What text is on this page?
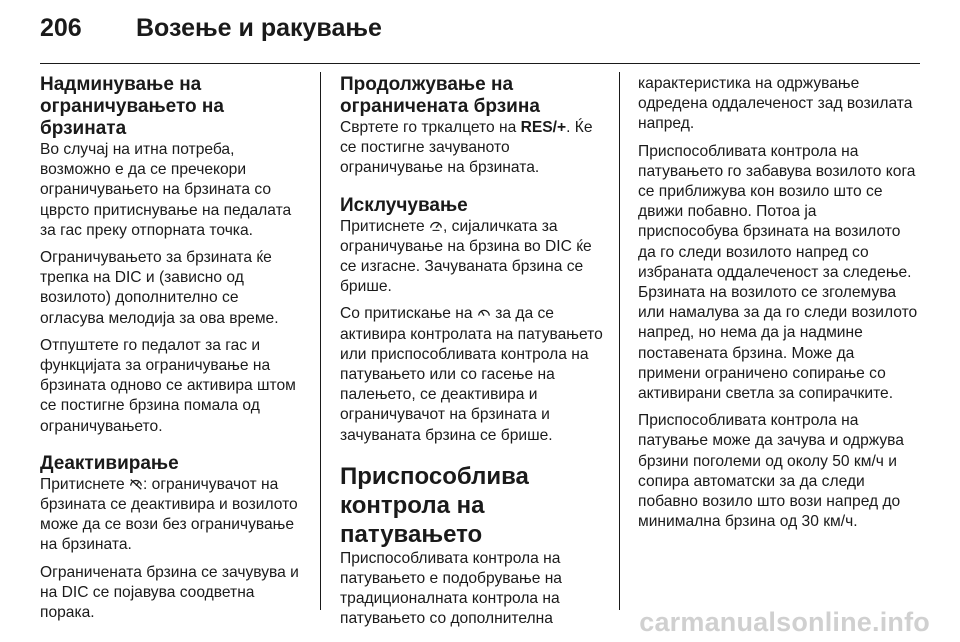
206	Возење и ракување
Надминување на ограничувањето на брзината

Во случај на итна потреба, возможно е да се пречекори ограничувањето на брзината со цврсто притиснување на педалата за гас преку отпорната точка.

Ограничувањето за брзината ќе трепка на DIC и (зависно од возилото) дополнително се огласува мелодија за ова време.

Отпуштете го педалот за гас и функцијата за ограничување на брзината одново се активира штом се постигне брзина помала од ограничувањето.

Деактивирање

Притиснете : ограничувачот на брзината се деактивира и возилото може да се вози без ограничување на брзината.

Ограничената брзина се зачувува и на DIC се појавува соодветна порака.

Продолжување на ограничената брзина

Свртете го тркалцето на RES/+. Ќе се постигне зачуваното ограничување на брзината.

Исклучување

Притиснете , сијаличката за ограничување на брзина во DIC ќе се изгасне. Зачуваната брзина се брише.

Со притискање на  за да се активира контролата на патувањето или приспособливата контрола на патувањето или со гасење на палењето, се деактивира и ограничувачот на брзината и зачуваната брзина се брише.

Приспособлива контрола на патувањето

Приспособливата контрола на патувањето е подобрување на традиционалната контрола на патувањето со дополнителна

карактеристика на одржување одредена оддалеченост зад возилата напред.

Приспособливата контрола на патувањето го забавува возилото кога се приближува кон возило што се движи побавно. Потоа ја приспособува брзината на возилото да го следи возилото напред со избраната оддалеченост за следење. Брзината на возилото се зголемува или намалува за да го следи возилото напред, но нема да ја надмине поставената брзина. Може да примени ограничено сопирање со активирани светла за сопирачките.

Приспособливата контрола на патување може да зачува и одржува брзини поголеми од околу 50 км/ч и сопира автоматски за да следи побавно возило што вози напред до минимална брзина од 30 км/ч.

carmanualsonline.info
